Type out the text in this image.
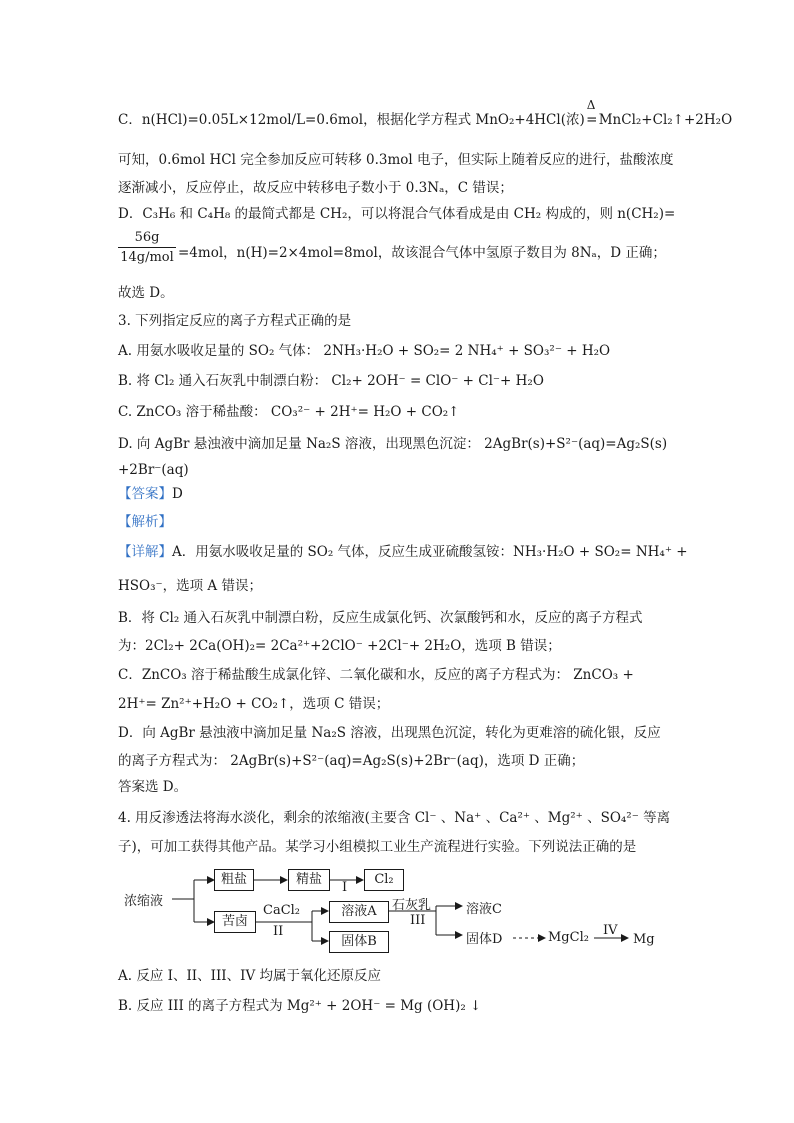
C．n(HCl)=0.05L×12mol/L=0.6mol，根据化学方程式 MnO₂+4HCl(浓)
Δ
=MnCl₂+Cl₂↑+2H₂O
可知，0.6mol HCl 完全参加反应可转移 0.3mol 电子，但实际上随着反应的进行，盐酸浓度
逐渐减小，反应停止，故反应中转移电子数小于 0.3Nₐ，C 错误；
D．C₃H₆ 和 C₄H₈ 的最简式都是 CH₂，可以将混合气体看成是由 CH₂ 构成的，则 n(CH₂)=
56g
14g/mol =4mol，n(H)=2×4mol=8mol，故该混合气体中氢原子数目为 8Nₐ，D 正确；
故选 D。
3. 下列指定反应的离子方程式正确的是
A. 用氨水吸收足量的 SO₂ 气体： 2NH₃·H₂O + SO₂= 2 NH₄⁺ + SO₃²⁻ + H₂O
B. 将 Cl₂ 通入石灰乳中制漂白粉： Cl₂+ 2OH⁻ = ClO⁻ + Cl⁻+ H₂O
C. ZnCO₃ 溶于稀盐酸： CO₃²⁻ + 2H⁺= H₂O + CO₂↑
D. 向 AgBr 悬浊液中滴加足量 Na₂S 溶液，出现黑色沉淀： 2AgBr(s)+S²⁻(aq)=Ag₂S(s)
+2Br⁻(aq)
【答案】D
【解析】
【详解】A．用氨水吸收足量的 SO₂ 气体，反应生成亚硫酸氢铵：NH₃·H₂O + SO₂= NH₄⁺ +
HSO₃⁻，选项 A 错误；
B．将 Cl₂ 通入石灰乳中制漂白粉，反应生成氯化钙、次氯酸钙和水，反应的离子方程式
为：2Cl₂+ 2Ca(OH)₂= 2Ca²⁺+2ClO⁻ +2Cl⁻+ 2H₂O，选项 B 错误；
C．ZnCO₃ 溶于稀盐酸生成氯化锌、二氧化碳和水，反应的离子方程式为： ZnCO₃ +
2H⁺= Zn²⁺+H₂O + CO₂↑，选项 C 错误；
D．向 AgBr 悬浊液中滴加足量 Na₂S 溶液，出现黑色沉淀，转化为更难溶的硫化银，反应
的离子方程式为： 2AgBr(s)+S²⁻(aq)=Ag₂S(s)+2Br⁻(aq)，选项 D 正确；
答案选 D。
4. 用反渗透法将海水淡化，剩余的浓缩液(主要含 Cl⁻ 、Na⁺ 、Ca²⁺ 、Mg²⁺ 、SO₄²⁻ 等离
子)，可加工获得其他产品。某学习小组模拟工业生产流程进行实验。下列说法正确的是
浓缩液
粗盐	精盐
I
Cl₂
苦卤
CaCl₂
II
溶液A
固体B
石灰乳
III
溶液C
固体D	MgCl₂ IV
Mg
A. 反应 I、II、III、IV 均属于氧化还原反应
B. 反应 III 的离子方程式为 Mg²⁺ + 2OH⁻ = Mg (OH)₂ ↓
